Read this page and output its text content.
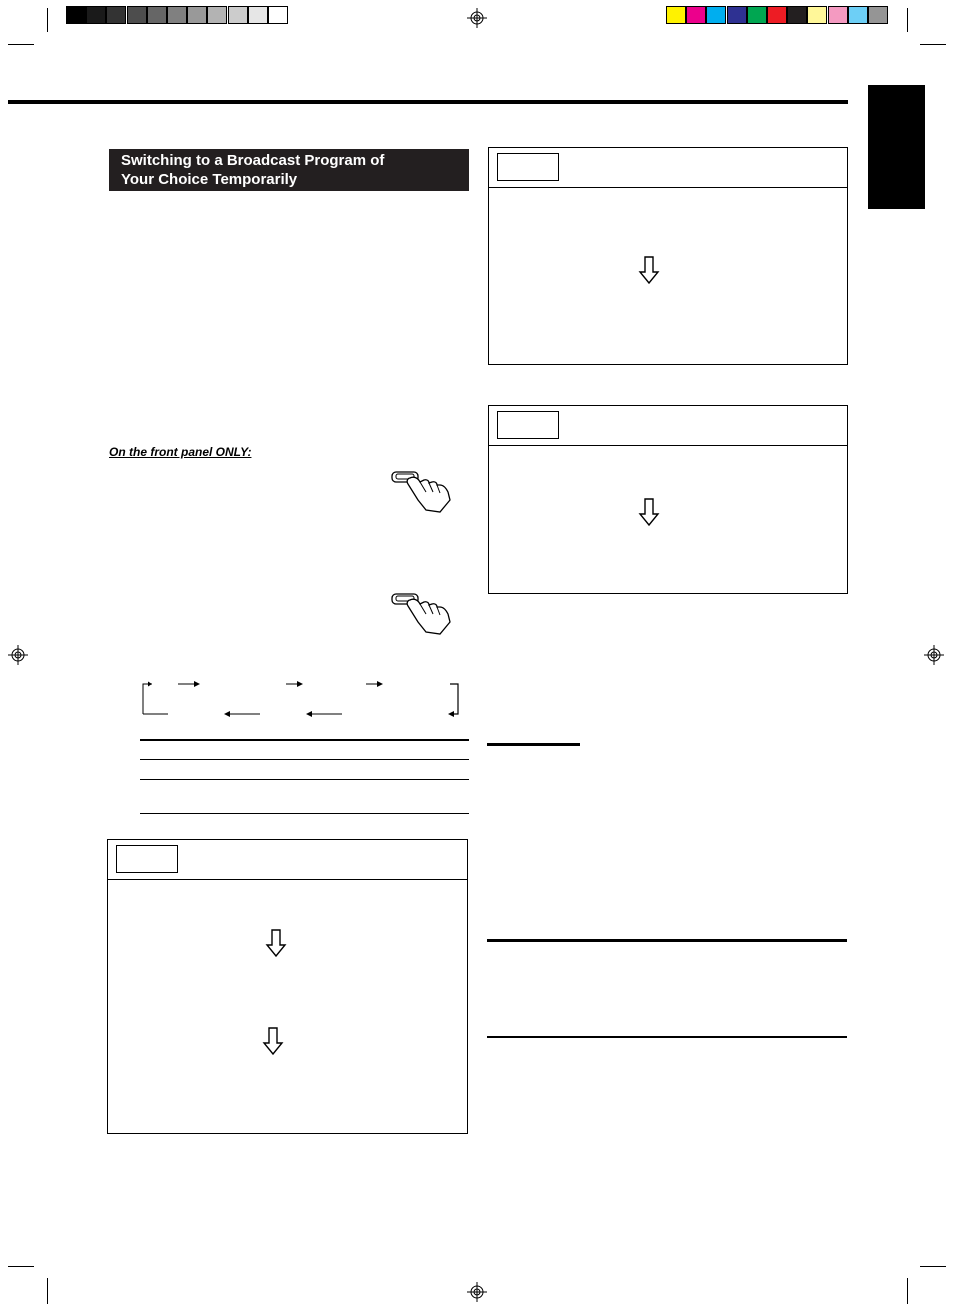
Switching to a Broadcast Program of
Your Choice Temporarily
On the front panel ONLY:
